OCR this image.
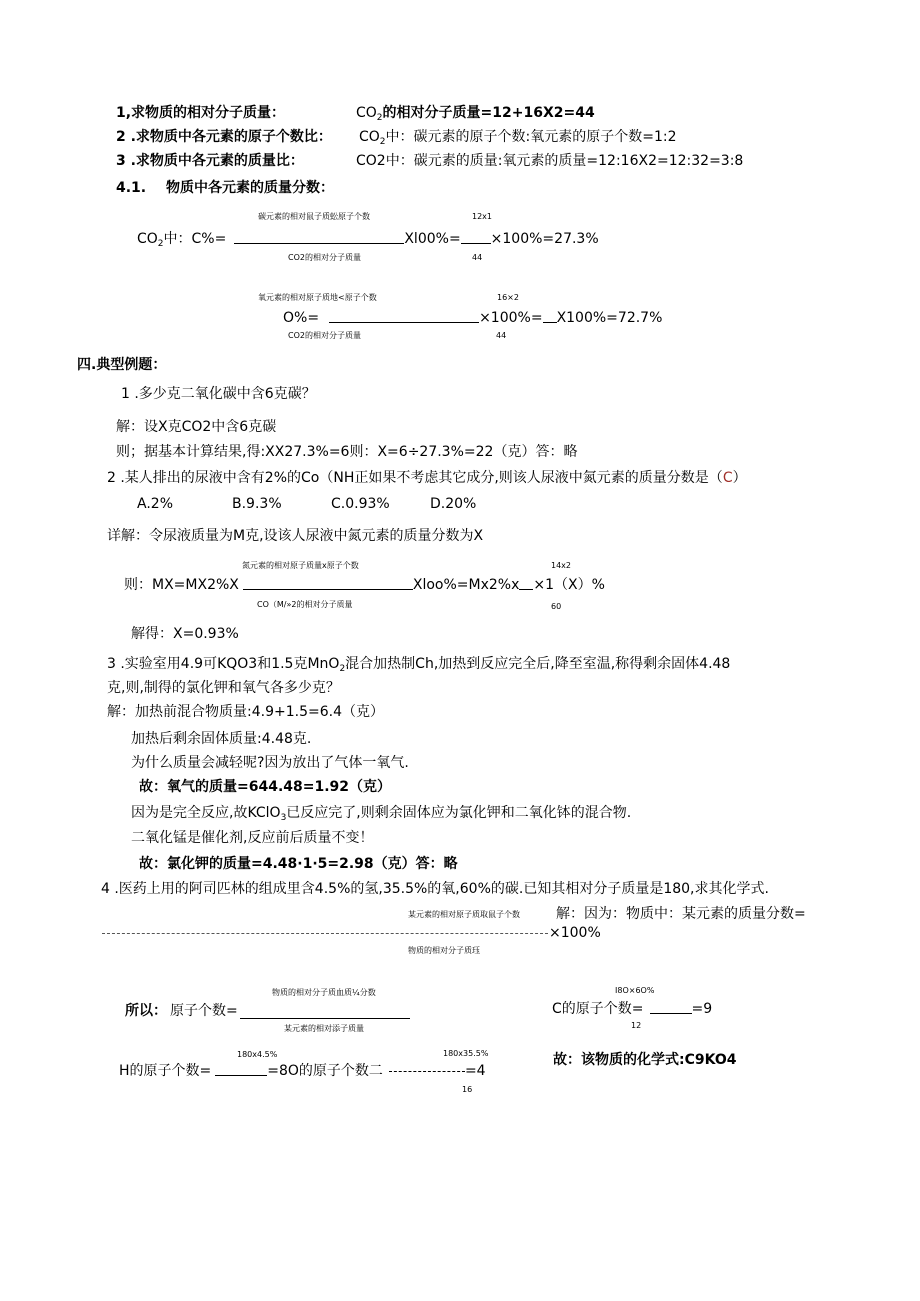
1,求物质的相对分子质量：	$CO_2$的相对分子质量=12+16X2=44
2 .求物质中各元素的原子个数比： $CO_2$中：碳元素的原子个数:氧元素的原子个数=1:2
3 .求物质中各元素的质量比：	CO2中：碳元素的质量:氧元素的质量=12:16X2=12:32=3:8
4.1. 物质中各元素的质量分数：
碳元素的相对鼠子质蚣原子个数	12x1
$CO_2$中：C%=	Xl00%= ×100%=27.3%
CO2的相对分子质量	44
氧元素的相对原子质地<原子个数	16×2
O%=	×100%= X100%=72.7%
CO2的相对分子质量	44
四.典型例题：
1 .多少克二氧化碳中含6克碳？
解：设X克CO2中含6克碳
则；据基本计算结果,得:XX27.3%=6则：X=6÷27.3%=22（克）答：略
2 .某人排出的尿液中含有2%的Co（NH正如果不考虑其它成分,则该人尿液中氮元素的质量分数是（C）
A.2%	B.9.3%	C.0.93%	D.20%
详解：令尿液质量为M克,设该人尿液中氮元素的质量分数为X
氮元素的相对原子质量x原子个数	14x2
则：MX=MX2%X	Xloo%=Mx2%x ×1（X）%
CO（M/»2的相对分子质量	60
解得：X=0.93%
3 .实验室用4.9可KQO3和1.5克MnO$_2$混合加热制Ch,加热到反应完全后,降至室温,称得剩余固体4.48
克,则,制得的氯化钾和氧气各多少克？
解：加热前混合物质量:4.9+1.5=6.4（克）
加热后剩余固体质量:4.48克.
为什么质量会减轻呢?因为放出了气体一氧气.
故：氧气的质量=644.48=1.92（克）
因为是完全反应,故KClO$_3$已反应完了,则剩余固体应为氯化钾和二氧化钵的混合物.
二氧化锰是催化剂,反应前后质量不变！
故：氯化钾的质量=4.48·1·5=2.98（克）答：略
4 .医药上用的阿司匹林的组成里含4.5%的氢,35.5%的氧,60%的碳.已知其相对分子质量是180,求其化学式.
某元素的相对原子质取鼠子个数	解：因为：物质中：某元素的质量分数=
×100%
物质的相对分子质珏
物质的相对分子质血质¼分数
所以： 原子个数=
某元素的相对添子质量
I8O×6O%
C的原子个数=	=9
12
180x4.5%	180x35.5%
H的原子个数=	=8O的原子个数二	=4
16
故：该物质的化学式:C9KO4
